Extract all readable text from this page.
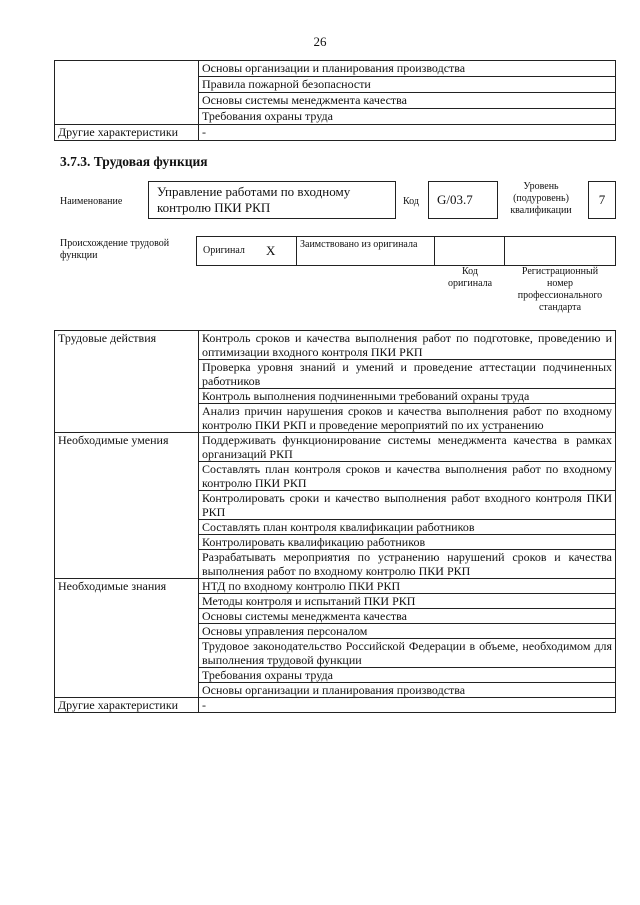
26
	Основы организации и планирования производства
	Правила пожарной безопасности
	Основы системы менеджмента качества
	Требования охраны труда
Другие характеристики	-
3.7.3. Трудовая функция
Наименование
Управление работами по входному контролю ПКИ РКП	Код	G/03.7
Уровень (подуровень) квалификации
7
Происхождение трудовой функции	Оригинал X Заимствовано из оригинала
Код оригинала
Регистрационный номер профессионального стандарта
Трудовые действия	Контроль сроков и качества выполнения работ по подготовке, проведению и оптимизации входного контроля ПКИ РКП
	Проверка уровня знаний и умений и проведение аттестации подчиненных работников
	Контроль выполнения подчиненными требований охраны труда
	Анализ причин нарушения сроков и качества выполнения работ по входному контролю ПКИ РКП и проведение мероприятий по их устранению
Необходимые умения	Поддерживать функционирование системы менеджмента качества в рамках организаций РКП
	Составлять план контроля сроков и качества выполнения работ по входному контролю ПКИ РКП
	Контролировать сроки и качество выполнения работ входного контроля ПКИ РКП
	Составлять план контроля квалификации работников
	Контролировать квалификацию работников
	Разрабатывать мероприятия по устранению нарушений сроков и качества выполнения работ по входному контролю ПКИ РКП
Необходимые знания	НТД по входному контролю ПКИ РКП
	Методы контроля и испытаний ПКИ РКП
	Основы системы менеджмента качества
	Основы управления персоналом
	Трудовое законодательство Российской Федерации в объеме, необходимом для выполнения трудовой функции
	Требования охраны труда
	Основы организации и планирования производства
Другие характеристики	-
